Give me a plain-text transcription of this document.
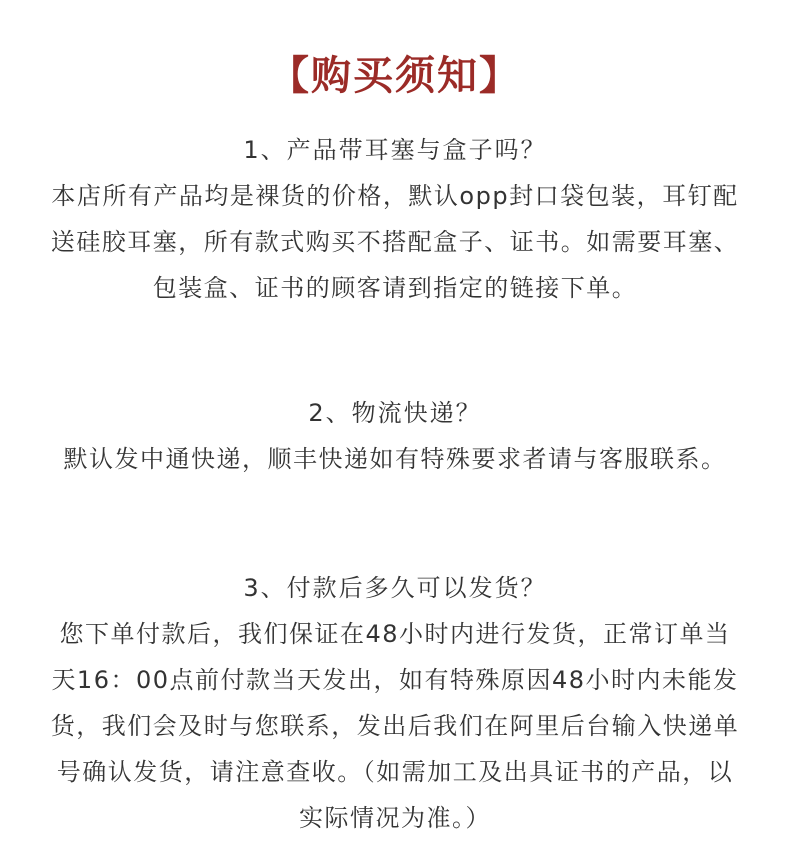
【购买须知】
1、产品带耳塞与盒子吗？
本店所有产品均是裸货的价格，默认opp封口袋包装，耳钉配
送硅胶耳塞，所有款式购买不搭配盒子、证书。如需要耳塞、
包装盒、证书的顾客请到指定的链接下单。
2、物流快递？
默认发中通快递，顺丰快递如有特殊要求者请与客服联系。
3、付款后多久可以发货？
您下单付款后，我们保证在48小时内进行发货，正常订单当
天16：00点前付款当天发出，如有特殊原因48小时内未能发
货，我们会及时与您联系，发出后我们在阿里后台输入快递单
号确认发货，请注意查收。（如需加工及出具证书的产品，以
实际情况为准。）
